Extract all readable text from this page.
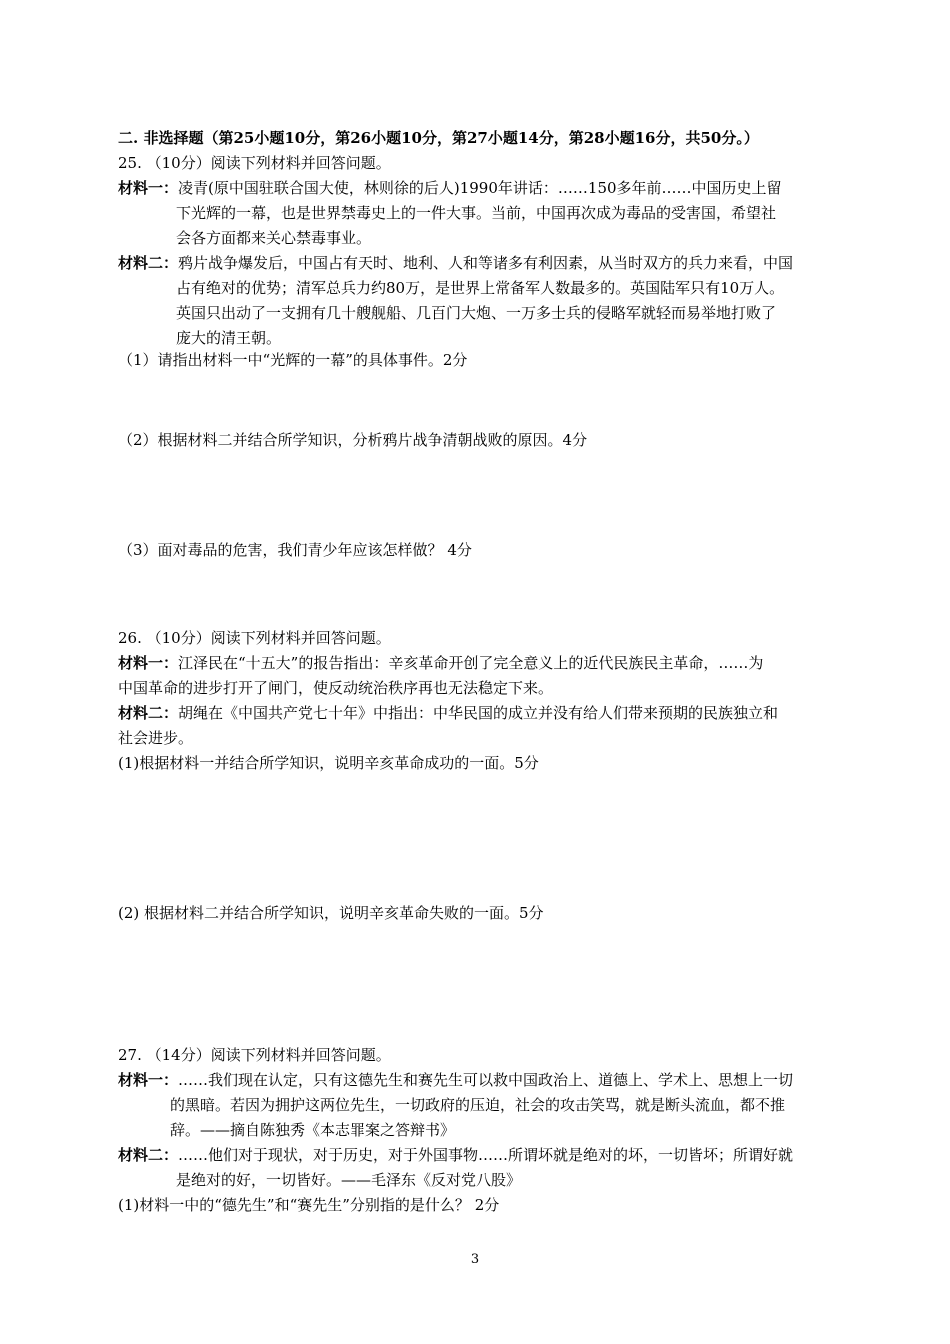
二. 非选择题（第25小题10分，第26小题10分，第27小题14分，第28小题16分，共50分。）
25. （10分）阅读下列材料并回答问题。
材料一：凌青(原中国驻联合国大使，林则徐的后人)1990年讲话：……150多年前……中国历史上留
下光辉的一幕，也是世界禁毒史上的一件大事。当前，中国再次成为毒品的受害国，希望社
会各方面都来关心禁毒事业。
材料二：鸦片战争爆发后，中国占有天时、地利、人和等诸多有利因素，从当时双方的兵力来看，中国
占有绝对的优势；清军总兵力约80万，是世界上常备军人数最多的。英国陆军只有10万人。
英国只出动了一支拥有几十艘舰船、几百门大炮、一万多士兵的侵略军就轻而易举地打败了
庞大的清王朝。
（1）请指出材料一中“光辉的一幕”的具体事件。2分
（2）根据材料二并结合所学知识，分析鸦片战争清朝战败的原因。4分
（3）面对毒品的危害，我们青少年应该怎样做？ 4分
26. （10分）阅读下列材料并回答问题。
材料一：江泽民在“十五大”的报告指出：辛亥革命开创了完全意义上的近代民族民主革命，……为
中国革命的进步打开了闸门，使反动统治秩序再也无法稳定下来。
材料二：胡绳在《中国共产党七十年》中指出：中华民国的成立并没有给人们带来预期的民族独立和
社会进步。
(1)根据材料一并结合所学知识，说明辛亥革命成功的一面。5分
(2) 根据材料二并结合所学知识，说明辛亥革命失败的一面。5分
27. （14分）阅读下列材料并回答问题。
材料一：……我们现在认定，只有这德先生和赛先生可以救中国政治上、道德上、学术上、思想上一切
的黑暗。若因为拥护这两位先生，一切政府的压迫，社会的攻击笑骂，就是断头流血，都不推
辞。——摘自陈独秀《本志罪案之答辩书》
材料二：……他们对于现状，对于历史，对于外国事物……所谓坏就是绝对的坏，一切皆坏；所谓好就
是绝对的好，一切皆好。——毛泽东《反对党八股》
(1)材料一中的“德先生”和“赛先生”分别指的是什么？ 2分
3
